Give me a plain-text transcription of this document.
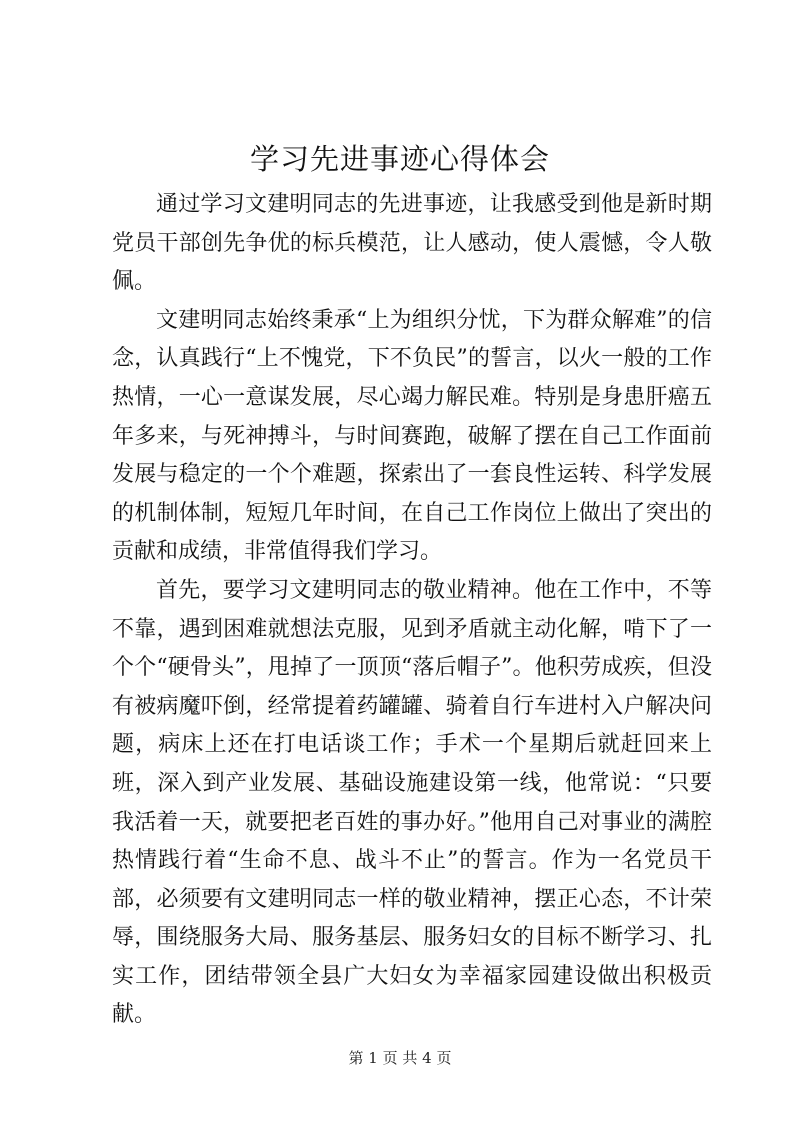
学习先进事迹心得体会

通过学习文建明同志的先进事迹，让我感受到他是新时期党员干部创先争优的标兵模范，让人感动，使人震憾，令人敬佩。

文建明同志始终秉承“上为组织分忧，下为群众解难”的信念，认真践行“上不愧党，下不负民”的誓言，以火一般的工作热情，一心一意谋发展，尽心竭力解民难。特别是身患肝癌五年多来，与死神搏斗，与时间赛跑，破解了摆在自己工作面前发展与稳定的一个个难题，探索出了一套良性运转、科学发展的机制体制，短短几年时间，在自己工作岗位上做出了突出的贡献和成绩，非常值得我们学习。

首先，要学习文建明同志的敬业精神。他在工作中，不等不靠，遇到困难就想法克服，见到矛盾就主动化解，啃下了一个个“硬骨头”，甩掉了一顶顶“落后帽子”。他积劳成疾，但没有被病魔吓倒，经常提着药罐罐、骑着自行车进村入户解决问题，病床上还在打电话谈工作；手术一个星期后就赶回来上班，深入到产业发展、基础设施建设第一线，他常说：“只要我活着一天，就要把老百姓的事办好。”他用自己对事业的满腔热情践行着“生命不息、战斗不止”的誓言。作为一名党员干部，必须要有文建明同志一样的敬业精神，摆正心态，不计荣辱，围绕服务大局、服务基层、服务妇女的目标不断学习、扎实工作，团结带领全县广大妇女为幸福家园建设做出积极贡献。

第 1 页 共 4 页
